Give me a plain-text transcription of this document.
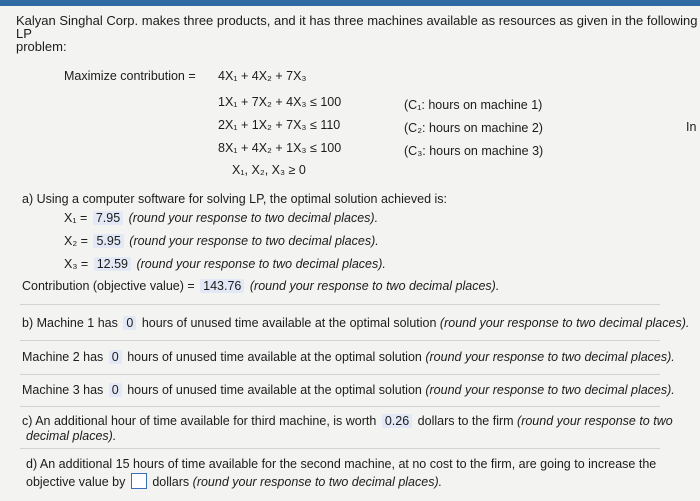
Kalyan Singhal Corp. makes three products, and it has three machines available as resources as given in the following
LP
problem:
Maximize contribution = 4X₁ + 4X₂ + 7X₃
1X₁ + 7X₂ + 4X₃ ≤ 100
2X₁ + 1X₂ + 7X₃ ≤ 110
8X₁ + 4X₂ + 1X₃ ≤ 100
X₁, X₂, X₃ ≥ 0
(C₁: hours on machine 1)
(C₂: hours on machine 2)
(C₃: hours on machine 3)
In
a) Using a computer software for solving LP, the optimal solution achieved is:
X₁ = 7.95 (round your response to two decimal places).
X₂ = 5.95 (round your response to two decimal places).
X₃ = 12.59 (round your response to two decimal places).
Contribution (objective value) = 143.76 (round your response to two decimal places).
b) Machine 1 has 0 hours of unused time available at the optimal solution (round your response to two decimal places).
Machine 2 has 0 hours of unused time available at the optimal solution (round your response to two decimal places).
Machine 3 has 0 hours of unused time available at the optimal solution (round your response to two decimal places).
c) An additional hour of time available for third machine, is worth 0.26 dollars to the firm (round your response to two
decimal places).
d) An additional 15 hours of time available for the second machine, at no cost to the firm, are going to increase the
objective value by dollars (round your response to two decimal places).
